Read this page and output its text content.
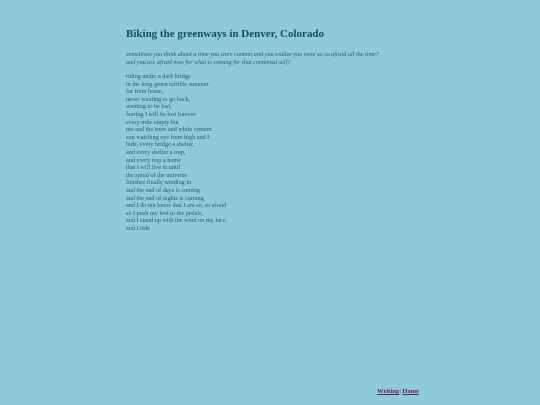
Biking the greenways in Denver, Colorado
sometimes you think about a time you were content and you realize you were so so afraid all the time?
and you are afraid now for what is coming for that contented self?
riding under a dark bridge
in the long green terrible summer
far from home,
never wanting to go back,
wanting to be lost,
fearing I will be lost forever.
every mile empty but
me and the trees and white cement.
sun watching eye from high and I
hide, every bridge a shelter,
and every shelter a trap,
and every trap a home
that I will live in until
the spiral of the universe
finishes finally winding in.
and the end of days is coming
and the end of nights is coming
and I do not know that I am so, so afraid
so I push my feet to the pedals,
and I stand up with the wind on my face,
and I ride
Writing|Home
